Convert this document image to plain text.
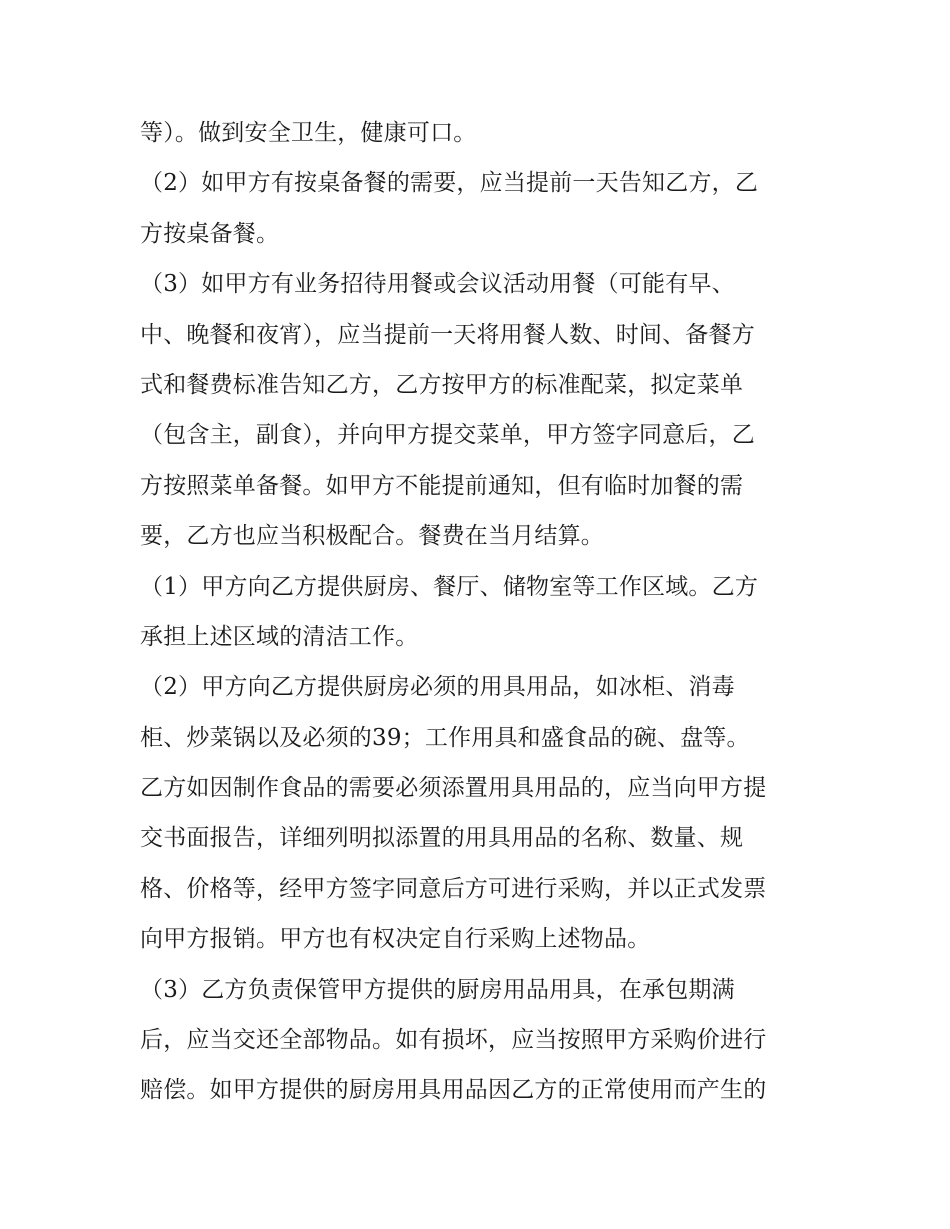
等）。做到安全卫生，健康可口。
（2）如甲方有按桌备餐的需要，应当提前一天告知乙方，乙
方按桌备餐。
（3）如甲方有业务招待用餐或会议活动用餐（可能有早、
中、晚餐和夜宵），应当提前一天将用餐人数、时间、备餐方
式和餐费标准告知乙方，乙方按甲方的标准配菜，拟定菜单
（包含主，副食），并向甲方提交菜单，甲方签字同意后，乙
方按照菜单备餐。如甲方不能提前通知，但有临时加餐的需
要，乙方也应当积极配合。餐费在当月结算。
（1）甲方向乙方提供厨房、餐厅、储物室等工作区域。乙方
承担上述区域的清洁工作。
（2）甲方向乙方提供厨房必须的用具用品，如冰柜、消毒
柜、炒菜锅以及必须的39；工作用具和盛食品的碗、盘等。
乙方如因制作食品的需要必须添置用具用品的，应当向甲方提
交书面报告，详细列明拟添置的用具用品的名称、数量、规
格、价格等，经甲方签字同意后方可进行采购，并以正式发票
向甲方报销。甲方也有权决定自行采购上述物品。
（3）乙方负责保管甲方提供的厨房用品用具，在承包期满
后，应当交还全部物品。如有损坏，应当按照甲方采购价进行
赔偿。如甲方提供的厨房用具用品因乙方的正常使用而产生的
